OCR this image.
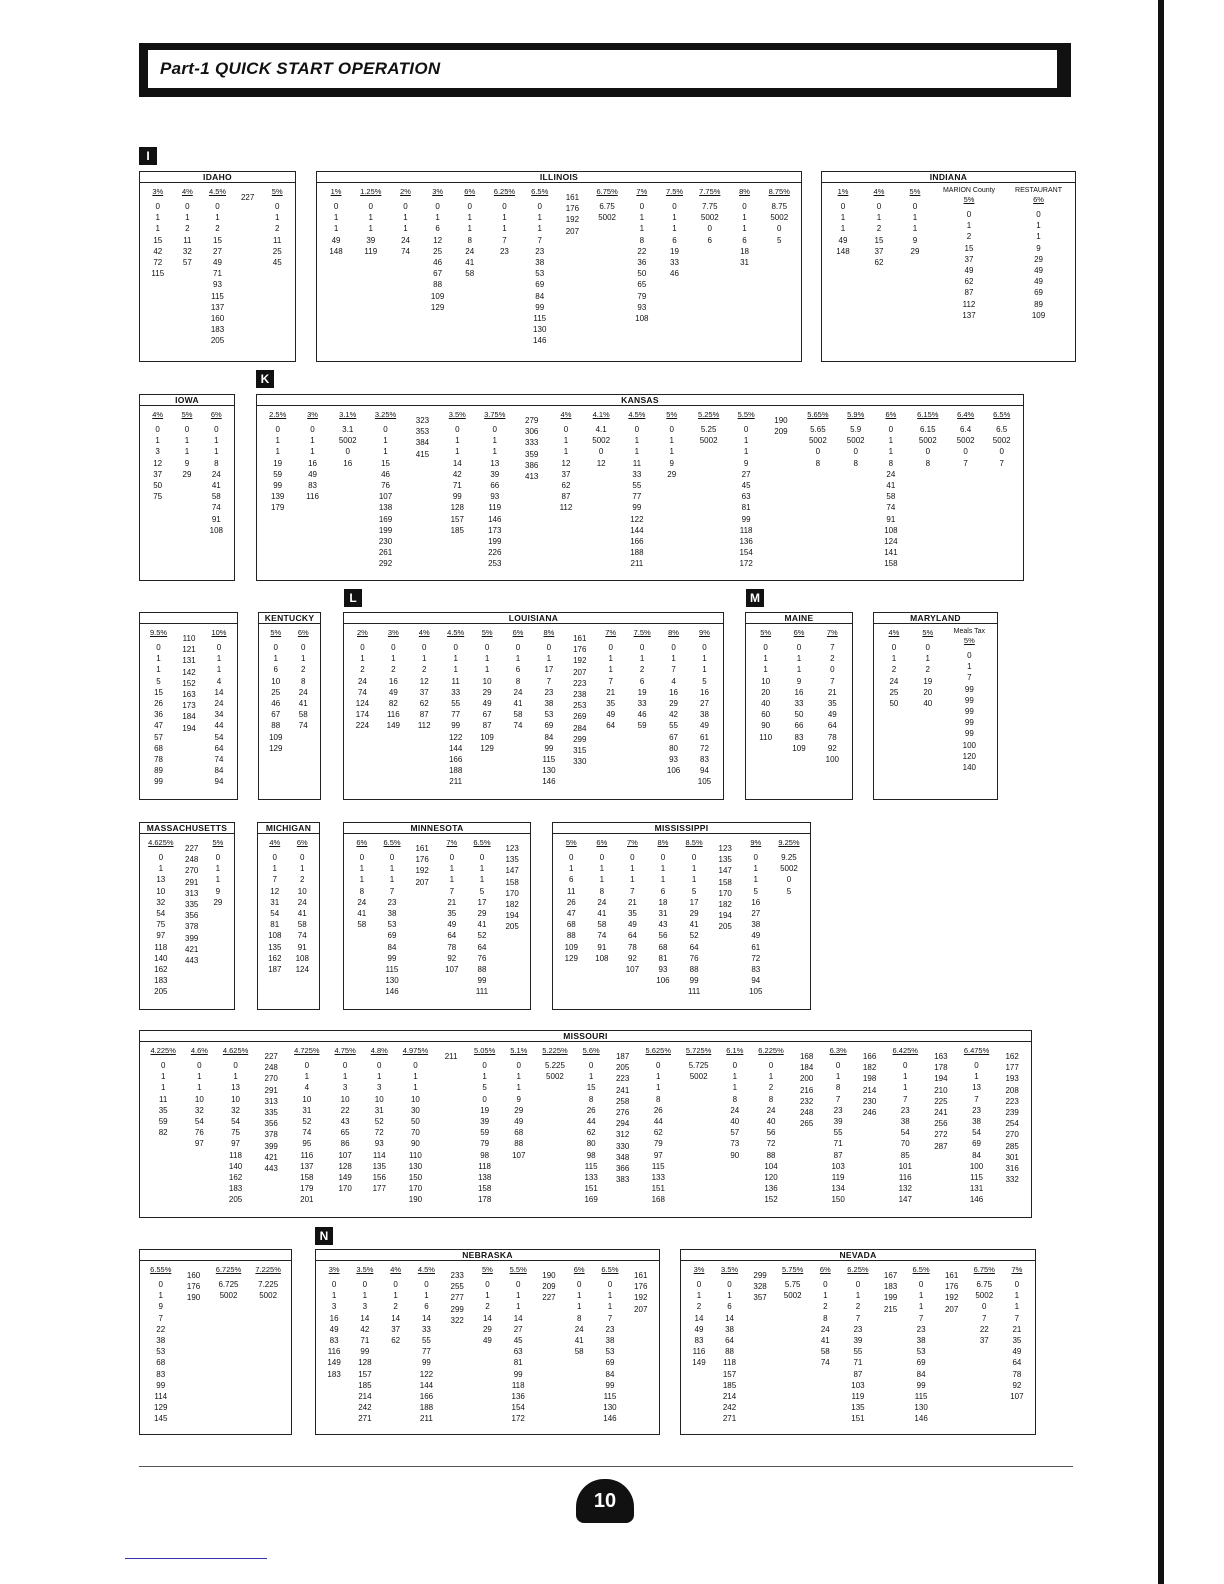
Part-1 QUICK START OPERATION
I
K
L	M
N
IDAHO
3%
0
1
1
15
42
72
115
4%
0
1
2
11
32
57
4.5%
0
1
2
15
27
49
71
93
115
137
160
183
205
227
5%
0
1
2
11
25
45
ILLINOIS
1%
0
1
1
49
148
1.25%
0
1
1
39
119
2%
0
1
1
24
74
3%
0
1
6
12
25
46
67
88
109
129
6%
0
1
1
8
24
41
58
6.25%
0
1
1
7
23
6.5%
0
1
1
7
23
38
53
69
84
99
115
130
146
161
176
192
207
6.75%
6.75
5002
7%
0
1
1
8
22
36
50
65
79
93
108
7.5%
0
1
1
6
19
33
46
7.75%
7.75
5002
0
6
8%
0
1
1
6
18
31
8.75%
8.75
5002
0
5
INDIANA
1%
0
1
1
49
148
4%
0
1
2
15
37
62
5%
0
1
1
9
29
MARION County
5%
0
1
2
15
37
49
62
87
112
137
RESTAURANT
6%
0
1
1
9
29
49
49
69
89
109
IOWA
4%
0
1
3
12
37
50
75
5%
0
1
1
9
29
6%
0
1
1
8
24
41
58
74
91
108
KANSAS
2.5%
0
1
1
19
59
99
139
179
3%
0
1
1
16
49
83
116
3.1%
3.1
5002
0
16
3.25%
0
1
1
15
46
76
107
138
169
199
230
261
292
323
353
384
415
3.5%
0
1
1
14
42
71
99
128
157
185
3.75%
0
1
1
13
39
66
93
119
146
173
199
226
253
279
306
333
359
386
413
4%
0
1
1
12
37
62
87
112
4.1%
4.1
5002
0
12
4.5%
0
1
1
11
33
55
77
99
122
144
166
188
211
5%
0
1
1
9
29
5.25%
5.25
5002
5.5%
0
1
1
9
27
45
63
81
99
118
136
154
172
190
209
5.65%
5.65
5002
0
8
5.9%
5.9
5002
0
8
6%
0
1
1
8
24
41
58
74
91
108
124
141
158
6.15%
6.15
5002
0
8
6.4%
6.4
5002
0
7
6.5%
6.5
5002
0
7
9.5%
0
1
1
5
15
26
36
47
57
68
78
89
99
110
121
131
142
152
163
173
184
194
10%
0
1
1
4
14
24
34
44
54
64
74
84
94
KENTUCKY
5%
0
1
6
10
25
46
67
88
109
129
6%
0
1
2
8
24
41
58
74
LOUISIANA
2%
0
1
2
24
74
124
174
224
3%
0
1
2
16
49
82
116
149
4%
0
1
2
12
37
62
87
112
4.5%
0
1
1
11
33
55
77
99
122
144
166
188
211
5%
0
1
1
10
29
49
67
87
109
129
6%
0
1
6
8
24
41
58
74
8%
0
1
17
7
23
38
53
69
84
99
115
130
146
161
176
192
207
223
238
253
269
284
299
315
330
7%
0
1
1
7
21
35
49
64
7.5%
0
1
2
6
19
33
46
59
8%
0
1
7
4
16
29
42
55
67
80
93
106
9%
0
1
1
5
16
27
38
49
61
72
83
94
105
MAINE
5%
0
1
1
10
20
40
60
90
110
6%
0
1
1
9
16
33
50
66
83
109
7%
7
2
0
7
21
35
49
64
78
92
100
MARYLAND
4%
0
1
2
24
25
50
5%
0
1
2
19
20
40
Meals Tax
5%
0
1
7
99
99
99
99
99
100
120
140
MASSACHUSETTS
4.625%
0
1
13
10
32
54
75
97
118
140
162
183
205
227
248
270
291
313
335
356
378
399
421
443
5%
0
1
1
9
29
MICHIGAN
4%
0
1
7
12
31
54
81
108
135
162
187
6%
0
1
2
10
24
41
58
74
91
108
124
MINNESOTA
6%
0
1
1
8
24
41
58
6.5%
0
1
1
7
23
38
53
69
84
99
115
130
146
161
176
192
207
7%
0
1
1
7
21
35
49
64
78
92
107
6.5%
0
1
1
5
17
29
41
52
64
76
88
99
111
123
135
147
158
170
182
194
205
MISSISSIPPI
5%
0
1
6
11
26
47
68
88
109
129
6%
0
1
1
8
24
41
58
74
91
108
7%
0
1
1
7
21
35
49
64
78
92
107
8%
0
1
1
6
18
31
43
56
68
81
93
106
8.5%
0
1
1
5
17
29
41
52
64
76
88
99
111
123
135
147
158
170
182
194
205
9%
0
1
1
5
16
27
38
49
61
72
83
94
105
9.25%
9.25
5002
0
5
MISSOURI
4.225%
0
1
1
11
35
59
82
4.6%
0
1
1
10
32
54
76
97
4.625%
0
1
13
10
32
54
75
97
118
140
162
183
205
227
248
270
291
313
335
356
378
399
421
443
4.725%
0
1
4
10
31
52
74
95
116
137
158
179
201
4.75%
0
1
3
10
22
43
65
86
107
128
149
170
4.8%
0
1
3
10
31
52
72
93
114
135
156
177
4.975%
0
1
1
10
30
50
70
90
110
130
150
170
190
211
5.05%
0
1
5
0
19
39
59
79
98
118
138
158
178
5.1%
0
1
1
9
29
49
68
88
107
5.225%
5.225
5002
5.6%
0
1
15
8
26
44
62
80
98
115
133
151
169
187
205
223
241
258
276
294
312
330
348
366
383
5.625%
0
1
1
8
26
44
62
79
97
115
133
151
168
5.725%
5.725
5002
6.1%
0
1
1
8
24
40
57
73
90
6.225%
0
1
2
8
24
40
56
72
88
104
120
136
152
168
184
200
216
232
248
265
6.3%
0
1
8
7
23
39
55
71
87
103
119
134
150
166
182
198
214
230
246
6.425%
0
1
1
7
23
38
54
70
85
101
116
132
147
163
178
194
210
225
241
256
272
287
6.475%
0
1
13
7
23
38
54
69
84
100
115
131
146
162
177
193
208
223
239
254
270
285
301
316
332
6.55%
0
1
9
7
22
38
53
68
83
99
114
129
145
160
176
190
6.725%
6.725
5002
7.225%
7.225
5002
NEBRASKA
3%
0
1
3
16
49
83
116
149
183
3.5%
0
1
3
14
42
71
99
128
157
185
214
242
271
4%
0
1
2
14
37
62
4.5%
0
1
6
14
33
55
77
99
122
144
166
188
211
233
255
277
299
322
5%
0
1
2
14
29
49
5.5%
0
1
1
14
27
45
63
81
99
118
136
154
172
190
209
227
6%
0
1
1
8
24
41
58
6.5%
0
1
1
7
23
38
53
69
84
99
115
130
146
161
176
192
207
NEVADA
3%
0
1
2
14
49
83
116
149
3.5%
0
1
6
14
38
64
88
118
157
185
214
242
271
299
328
357
5.75%
5.75
5002
6%
0
1
2
8
24
41
58
74
6.25%
0
1
2
7
23
39
55
71
87
103
119
135
151
167
183
199
215
6.5%
0
1
1
7
23
38
53
69
84
99
115
130
146
161
176
192
207
6.75%
6.75
5002
0
7
22
37
7%
0
1
1
7
21
35
49
64
78
92
107
10
